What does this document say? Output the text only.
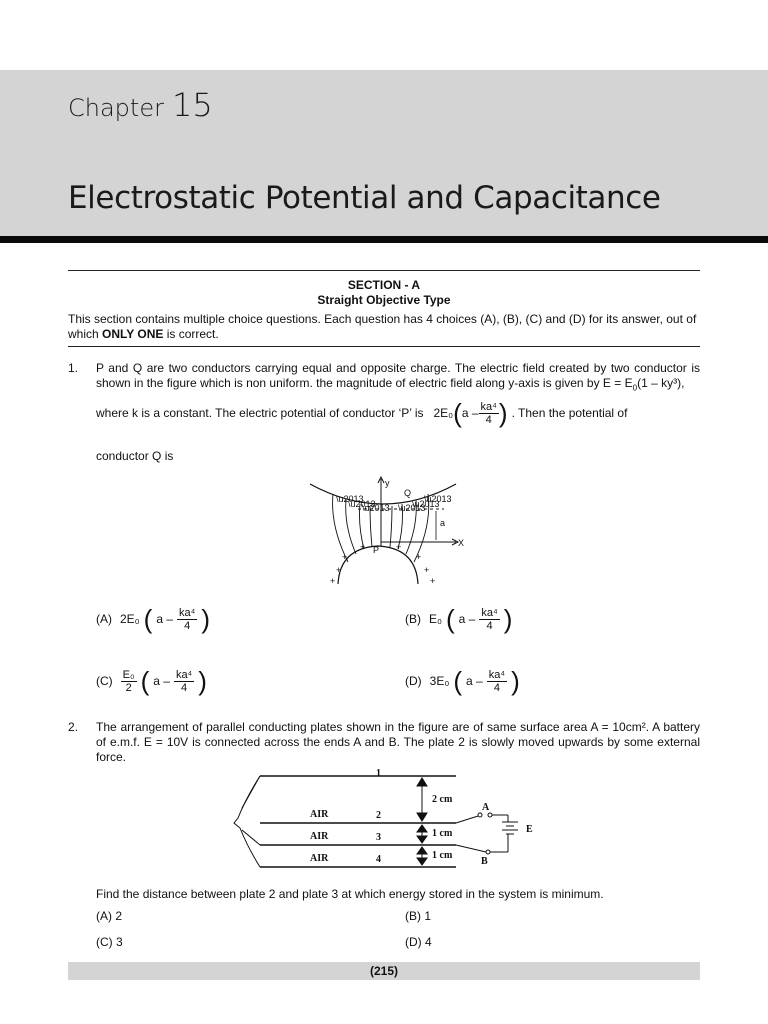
Chapter 15
Electrostatic Potential and Capacitance
SECTION - A
Straight Objective Type
This section contains multiple choice questions. Each question has 4 choices (A), (B), (C) and (D) for its answer, out of which ONLY ONE is correct.
1. P and Q are two conductors carrying equal and opposite charge. The electric field created by two conductor is shown in the figure which is non uniform. the magnitude of electric field along y-axis is given by $E = E_0(1 - ky^3)$,
where k is a constant. The electric potential of conductor ‘P’ is 2E₀ ( a – $\frac{\text{ka⁴}}{4}$ ) . Then the potential of
conductor Q is
y
Q
P
a
X
+
+
+
+
+
+
+	+
\u2013
\u2013
\u2013 \u2013
\u2013
\u2013
(A) 2E₀ ( a – $\frac{\text{ka⁴}}{4}$ )	(B) E₀ ( a – $\frac{\text{ka⁴}}{4}$ )
$(C) \frac{\text{E₀}}{2}$ ( a – $\frac{\text{ka⁴}}{4}$ )	(D) 3E₀ ( a – $\frac{\text{ka⁴}}{4}$ )
2. The arrangement of parallel conducting plates shown in the figure are of same surface area A = 10cm². A battery of e.m.f. E = 10V is connected across the ends A and B. The plate 2 is slowly moved upwards by some external force.
1
2
3
4
AIR
AIR
AIR
2 cm
1 cm
1 cm
A
B
E
Find the distance between plate 2 and plate 3 at which energy stored in the system is minimum.
(A) 2	(B) 1
(C) 3	(D) 4
(215)
